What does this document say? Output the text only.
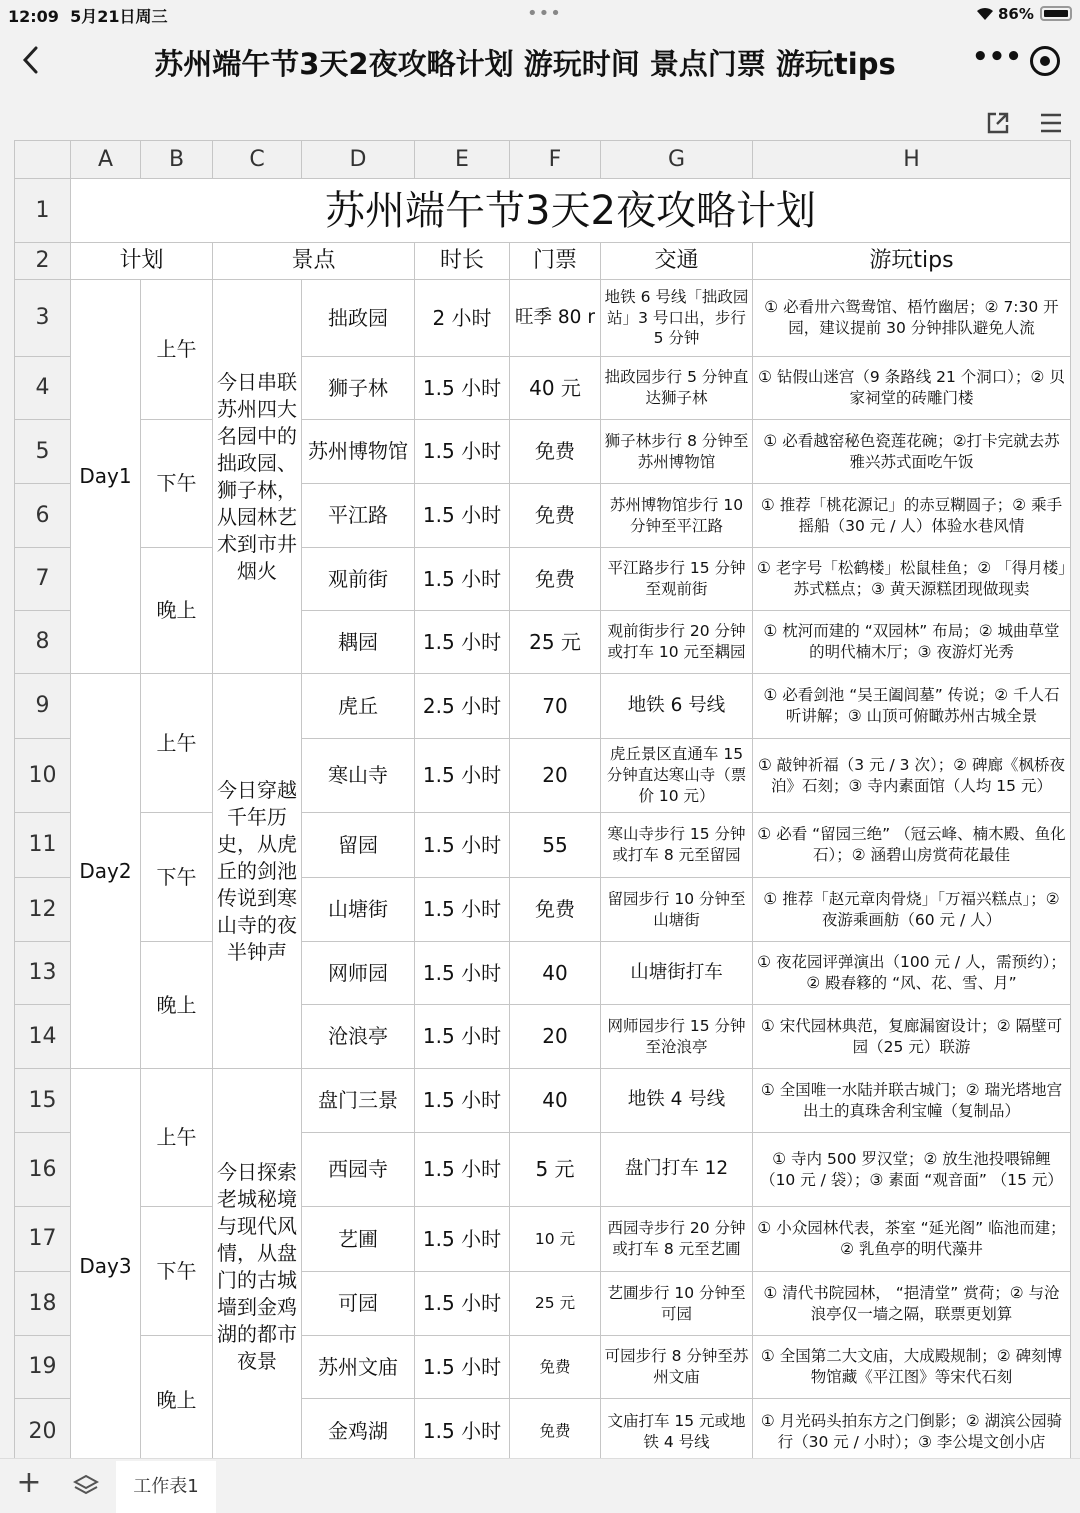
12:09 5月21日周三	•••	86%
苏州端午节3天2夜攻略计划 游玩时间 景点门票 游玩tips	•••
	A	B	C	D	E	F	G	H
1	苏州端午节3天2夜攻略计划							
2	计划		景点		时长	门票	交通	游玩tips
3	Day1	上午	今日串联苏州四大名园中的拙政园、狮子林，从园林艺术到市井烟火	拙政园	2 小时	旺季 80 r	地铁 6 号线「拙政园站」3 号口出，步行 5 分钟	① 必看卅六鸳鸯馆、梧竹幽居；② 7:30 开园，建议提前 30 分钟排队避免人流
4				狮子林	1.5 小时	40 元	拙政园步行 5 分钟直达狮子林	① 钻假山迷宫（9 条路线 21 个洞口）；② 贝家祠堂的砖雕门楼
5		下午		苏州博物馆	1.5 小时	免费	狮子林步行 8 分钟至苏州博物馆	① 必看越窑秘色瓷莲花碗；②打卡完就去苏雅兴苏式面吃午饭
6				平江路	1.5 小时	免费	苏州博物馆步行 10 分钟至平江路	① 推荐「桃花源记」的赤豆糊圆子；② 乘手摇船（30 元 / 人）体验水巷风情
7		晚上		观前街	1.5 小时	免费	平江路步行 15 分钟至观前街	① 老字号「松鹤楼」松鼠桂鱼；② 「得月楼」苏式糕点；③ 黄天源糕团现做现卖
8				耦园	1.5 小时	25 元	观前街步行 20 分钟或打车 10 元至耦园	① 枕河而建的 “双园林” 布局；② 城曲草堂的明代楠木厅；③ 夜游灯光秀
9	Day2	上午	今日穿越千年历史，从虎丘的剑池传说到寒山寺的夜半钟声	虎丘	2.5 小时	70	地铁 6 号线	① 必看剑池 “吴王阖闾墓” 传说；② 千人石听讲解；③ 山顶可俯瞰苏州古城全景
10				寒山寺	1.5 小时	20	虎丘景区直通车 15 分钟直达寒山寺（票价 10 元）	① 敲钟祈福（3 元 / 3 次）；② 碑廊《枫桥夜泊》石刻；③ 寺内素面馆（人均 15 元）
11		下午		留园	1.5 小时	55	寒山寺步行 15 分钟或打车 8 元至留园	① 必看 “留园三绝” （冠云峰、楠木殿、鱼化石）；② 涵碧山房赏荷花最佳
12				山塘街	1.5 小时	免费	留园步行 10 分钟至山塘街	① 推荐「赵元章肉骨烧」「万福兴糕点」；② 夜游乘画舫（60 元 / 人）
13		晚上		网师园	1.5 小时	40	山塘街打车	① 夜花园评弹演出（100 元 / 人，需预约）；② 殿春簃的 “风、花、雪、月”
14				沧浪亭	1.5 小时	20	网师园步行 15 分钟至沧浪亭	① 宋代园林典范，复廊漏窗设计；② 隔壁可园（25 元）联游
15	Day3	上午	今日探索老城秘境与现代风情，从盘门的古城墙到金鸡湖的都市夜景	盘门三景	1.5 小时	40	地铁 4 号线	① 全国唯一水陆并联古城门；② 瑞光塔地宫出土的真珠舍利宝幢（复制品）
16				西园寺	1.5 小时	5 元	盘门打车 12	① 寺内 500 罗汉堂；② 放生池投喂锦鲤（10 元 / 袋）；③ 素面 “观音面” （15 元）
17		下午		艺圃	1.5 小时	10 元	西园寺步行 20 分钟或打车 8 元至艺圃	① 小众园林代表，茶室 “延光阁” 临池而建；② 乳鱼亭的明代藻井
18				可园	1.5 小时	25 元	艺圃步行 10 分钟至可园	① 清代书院园林， “挹清堂” 赏荷；② 与沧浪亭仅一墙之隔，联票更划算
19		晚上		苏州文庙	1.5 小时	免费	可园步行 8 分钟至苏州文庙	① 全国第二大文庙，大成殿规制；② 碑刻博物馆藏《平江图》等宋代石刻
20				金鸡湖	1.5 小时	免费	文庙打车 15 元或地铁 4 号线	① 月光码头拍东方之门倒影；② 湖滨公园骑行（30 元 / 小时）；③ 李公堤文创小店
+	工作表1
